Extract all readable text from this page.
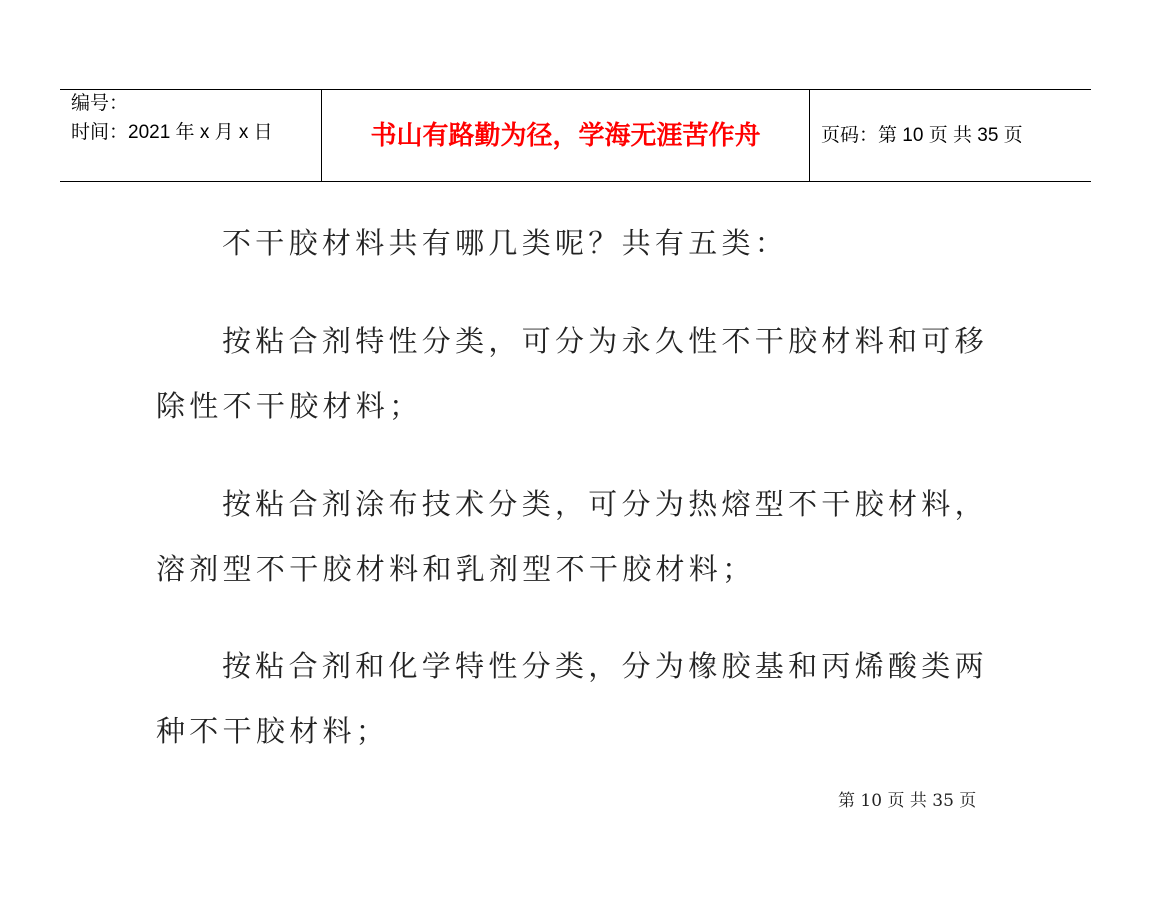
编号：
时间：2021 年 x 月 x 日	书山有路勤为径，学海无涯苦作舟	页码：第 10 页 共 35 页
不干胶材料共有哪几类呢？共有五类：
按粘合剂特性分类，可分为永久性不干胶材料和可移
除性不干胶材料；
按粘合剂涂布技术分类，可分为热熔型不干胶材料，
溶剂型不干胶材料和乳剂型不干胶材料；
按粘合剂和化学特性分类，分为橡胶基和丙烯酸类两
种不干胶材料；
第 10 页 共 35 页
